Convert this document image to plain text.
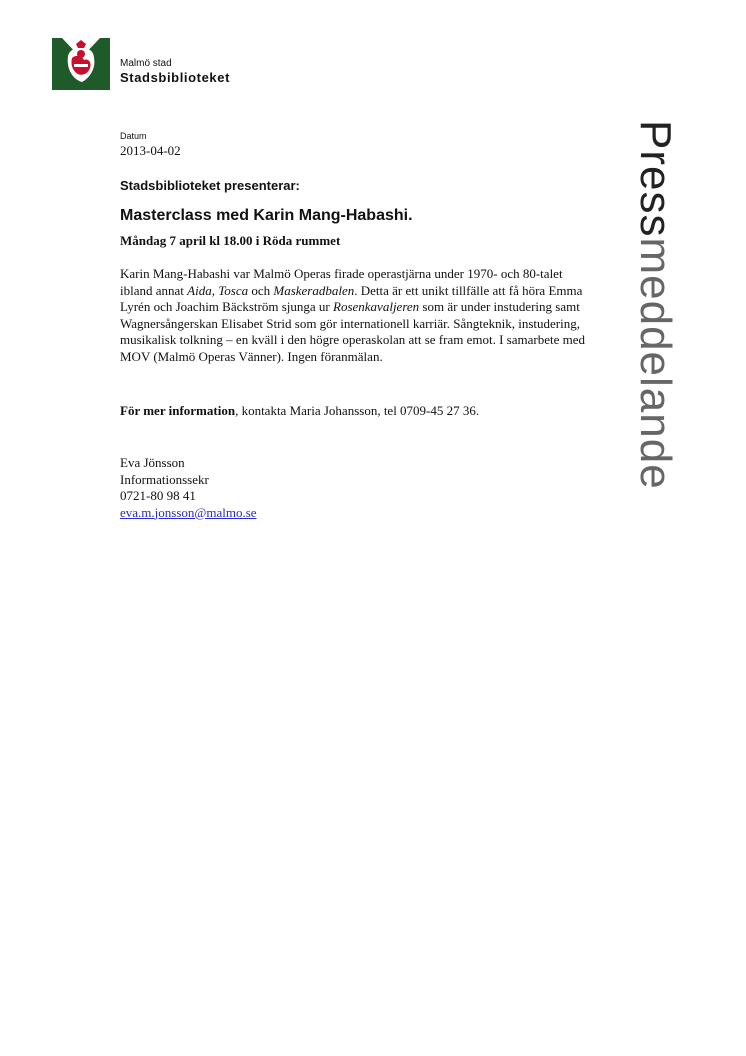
Malmö stad
Stadsbiblioteket
Datum
2013-04-02
Stadsbiblioteket presenterar:
Masterclass med Karin Mang-Habashi.
Måndag 7 april kl 18.00 i Röda rummet
Karin Mang-Habashi var Malmö Operas firade operastjärna under 1970- och 80-talet ibland annat Aida, Tosca och Maskeradbalen. Detta är ett unikt tillfälle att få höra Emma Lyrén och Joachim Bäckström sjunga ur Rosenkavaljeren som är under instudering samt Wagnersångerskan Elisabet Strid som gör internationell karriär. Sångteknik, instudering, musikalisk tolkning – en kväll i den högre operaskolan att se fram emot. I samarbete med MOV (Malmö Operas Vänner). Ingen föranmälan.
För mer information, kontakta Maria Johansson, tel 0709-45 27 36.
Eva Jönsson
Informationssekr
0721-80 98 41
eva.m.jonsson@malmo.se
Pressmeddelande
